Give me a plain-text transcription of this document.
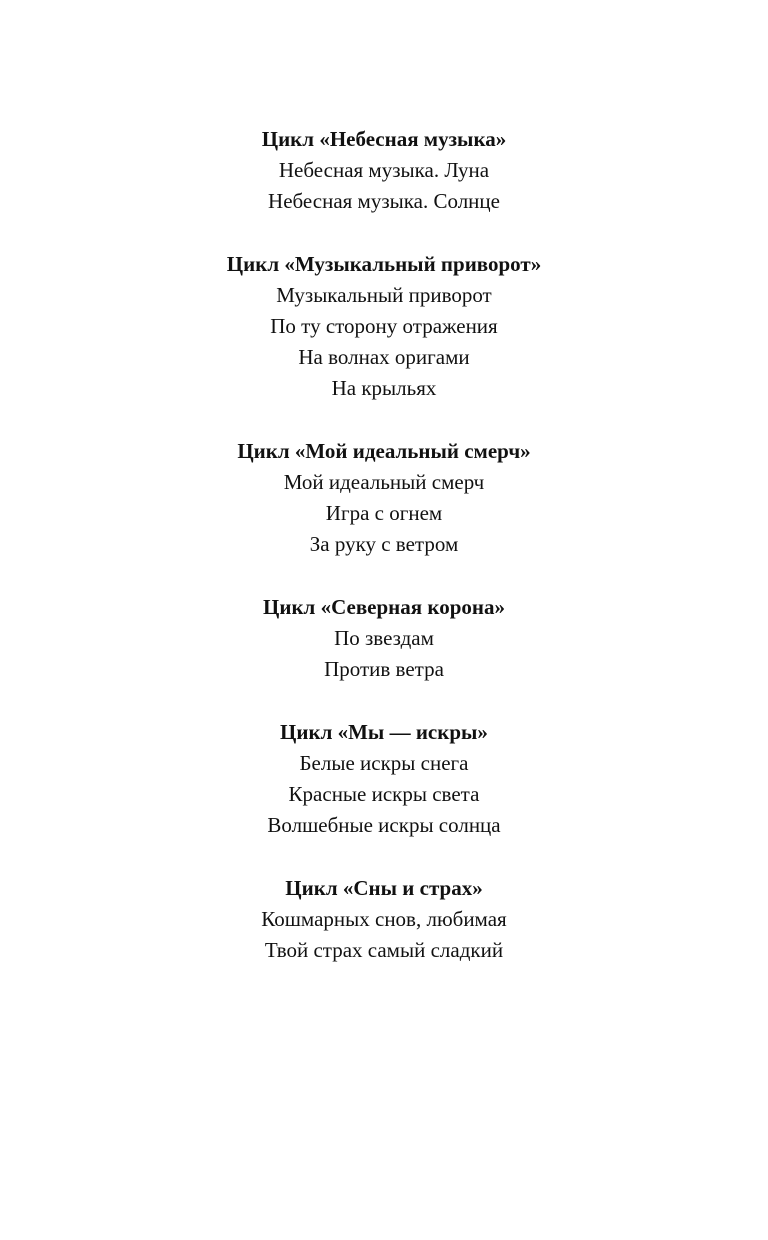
Цикл «Небесная музыка»
Небесная музыка. Луна
Небесная музыка. Солнце
Цикл «Музыкальный приворот»
Музыкальный приворот
По ту сторону отражения
На волнах оригами
На крыльях
Цикл «Мой идеальный смерч»
Мой идеальный смерч
Игра с огнем
За руку с ветром
Цикл «Северная корона»
По звездам
Против ветра
Цикл «Мы — искры»
Белые искры снега
Красные искры света
Волшебные искры солнца
Цикл «Сны и страх»
Кошмарных снов, любимая
Твой страх самый сладкий
